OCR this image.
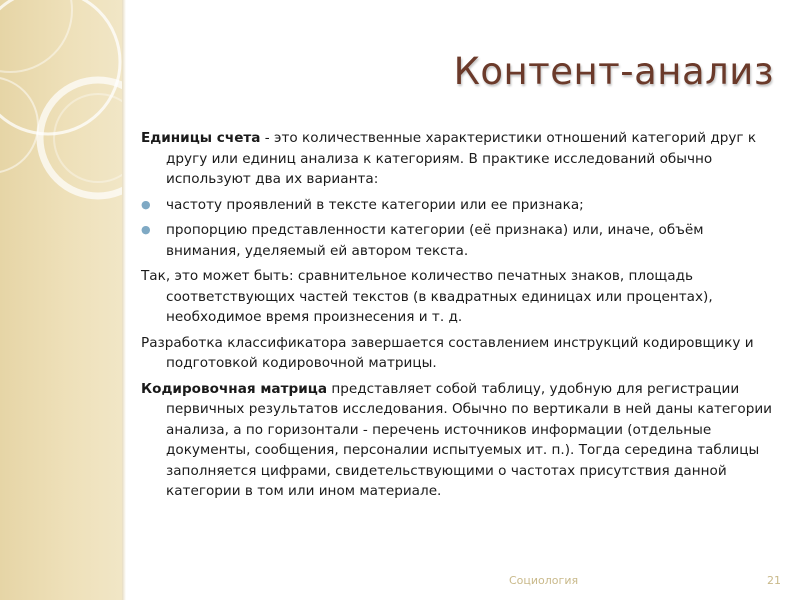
Контент-анализ

Единицы счета - это количественные характеристики отношений категорий друг к другу или единиц анализа к категориям. В практике исследований обычно используют два их варианта:

● частоту проявлений в тексте категории или ее признака;

● пропорцию представленности категории (её признака) или, иначе, объём внимания, уделяемый ей автором текста.

Так, это может быть: сравнительное количество печатных знаков, площадь соответствующих частей текстов (в квадратных единицах или процентах), необходимое время произнесения и т. д.

Разработка классификатора завершается составлением инструкций кодировщику и подготовкой кодировочной матрицы.

Кодировочная матрица представляет собой таблицу, удобную для регистрации первичных результатов исследования. Обычно по вертикали в ней даны категории анализа, а по горизонтали - перечень источников информации (отдельные документы, сообщения, персоналии испытуемых ит. п.). Тогда середина таблицы заполняется цифрами, свидетельствующими о частотах присутствия данной категории в том или ином материале.

Социология	21
